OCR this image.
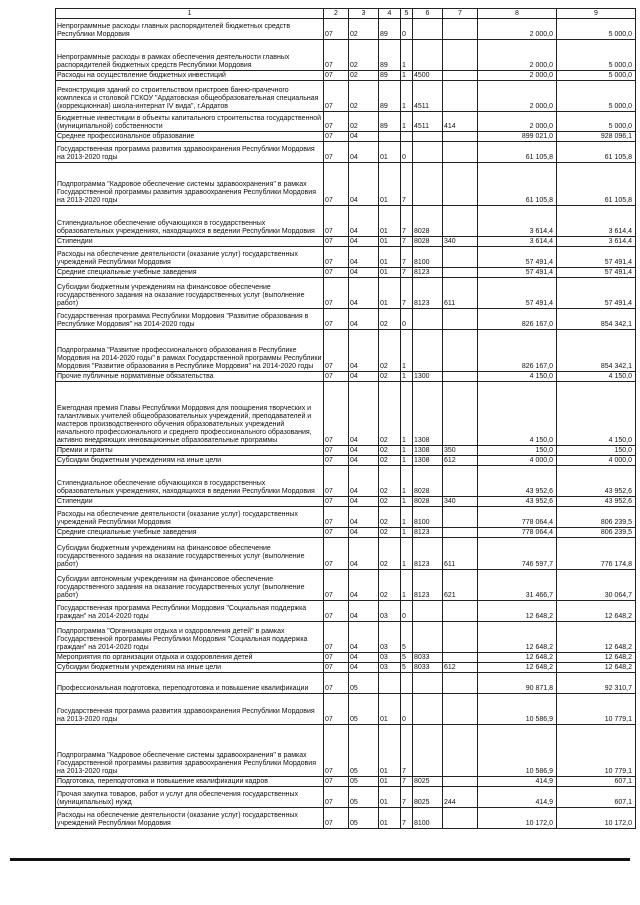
1	2	3	4	5	6	7	8	9
Непрограммные расходы главных распорядителей бюджетных средств Республики Мордовия	07	02	89	0			2 000,0	5 000,0
Непрограммные расходы в рамках обеспечения деятельности главных распорядителей бюджетных средств Республики Мордовия	07	02	89	1			2 000,0	5 000,0
Расходы на осуществление бюджетных инвестиций	07	02	89	1	4500		2 000,0	5 000,0
Реконструкция зданий со строительством пристроев банно-прачечного комплекса и столовой ГСКОУ "Ардатовская общеобразовательная специальная (коррекционная) школа-интернат IV вида", г.Ардатов	07	02	89	1	4511		2 000,0	5 000,0
Бюджетные инвестиции в объекты капитального строительства государственной (муниципальной) собственности	07	02	89	1	4511	414	2 000,0	5 000,0
Среднее профессиональное образование	07	04					899 021,0	928 096,1
Государственная программа развития здравоохранения Республики Мордовия на 2013-2020 годы	07	04	01	0			61 105,8	61 105,8
Подпрограмма "Кадровое обеспечение системы здравоохранения" в рамках Государственной программы развития здравоохранения Республики Мордовия на 2013-2020 годы	07	04	01	7			61 105,8	61 105,8
Стипендиальное обеспечение обучающихся в государственных образовательных учреждениях, находящихся в ведении Республики Мордовия	07	04	01	7	8028		3 614,4	3 614,4
Стипендии	07	04	01	7	8028	340	3 614,4	3 614,4
Расходы на обеспечение деятельности (оказание услуг) государственных учреждений Республики Мордовия	07	04	01	7	8100		57 491,4	57 491,4
Средние специальные учебные заведения	07	04	01	7	8123		57 491,4	57 491,4
Субсидии бюджетным учреждениям на финансовое обеспечение государственного задания на оказание государственных услуг (выполнение работ)	07	04	01	7	8123	611	57 491,4	57 491,4
Государственная программа Республики Мордовия "Развитие образования в Республике Мордовия" на 2014-2020 годы	07	04	02	0			826 167,0	854 342,1
Подпрограмма "Развитие профессионального образования в Республике Мордовия на 2014-2020 годы" в рамках Государственной программы Республики Мордовия "Развитие образования в Республике Мордовия" на 2014-2020 годы	07	04	02	1			826 167,0	854 342,1
Прочие публичные нормативные обязательства	07	04	02	1	1300		4 150,0	4 150,0
Ежегодная премия Главы Республики Мордовия для поощрения творческих и талантливых учителей общеобразовательных учреждений, преподавателей и мастеров производственного обучения образовательных учреждений начального профессионального и среднего профессионального образования, активно внедряющих инновационные образовательные программы	07	04	02	1	1308		4 150,0	4 150,0
Премии и гранты	07	04	02	1	1308	350	150,0	150,0
Субсидии бюджетным учреждениям на иные цели	07	04	02	1	1308	612	4 000,0	4 000,0
Стипендиальное обеспечение обучающихся в государственных образовательных учреждениях, находящихся в ведении Республики Мордовия	07	04	02	1	8028		43 952,6	43 952,6
Стипендии	07	04	02	1	8028	340	43 952,6	43 952,6
Расходы на обеспечение деятельности (оказание услуг) государственных учреждений Республики Мордовия	07	04	02	1	8100		778 064,4	806 239,5
Средние специальные учебные заведения	07	04	02	1	8123		778 064,4	806 239,5
Субсидии бюджетным учреждениям на финансовое обеспечение государственного задания на оказание государственных услуг (выполнение работ)	07	04	02	1	8123	611	746 597,7	776 174,8
Субсидии автономным учреждениям на финансовое обеспечение государственного задания на оказание государственных услуг (выполнение работ)	07	04	02	1	8123	621	31 466,7	30 064,7
Государственная программа Республики Мордовия "Социальная поддержка граждан" на 2014-2020 годы	07	04	03	0			12 648,2	12 648,2
Подпрограмма "Организация отдыха и оздоровления детей" в рамках Государственной программы Республики Мордовия "Социальная поддержка граждан" на 2014-2020 годы	07	04	03	5			12 648,2	12 648,2
Мероприятия по организации отдыха и оздоровления детей	07	04	03	5	8033		12 648,2	12 648,2
Субсидии бюджетным учреждениям на иные цели	07	04	03	5	8033	612	12 648,2	12 648,2
Профессиональная подготовка, переподготовка и повышение квалификации	07	05					90 871,8	92 310,7
Государственная программа развития здравоохранения Республики Мордовия на 2013-2020 годы	07	05	01	0			10 586,9	10 779,1
Подпрограмма "Кадровое обеспечение системы здравоохранения" в рамках Государственной программы развития здравоохранения Республики Мордовия на 2013-2020 годы	07	05	01	7			10 586,9	10 779,1
Подготовка, переподготовка и повышение квалификации кадров	07	05	01	7	8025		414,9	607,1
Прочая закупка товаров, работ и услуг для обеспечения государственных (муниципальных) нужд	07	05	01	7	8025	244	414,9	607,1
Расходы на обеспечение деятельности (оказание услуг) государственных учреждений Республики Мордовия	07	05	01	7	8100		10 172,0	10 172,0
